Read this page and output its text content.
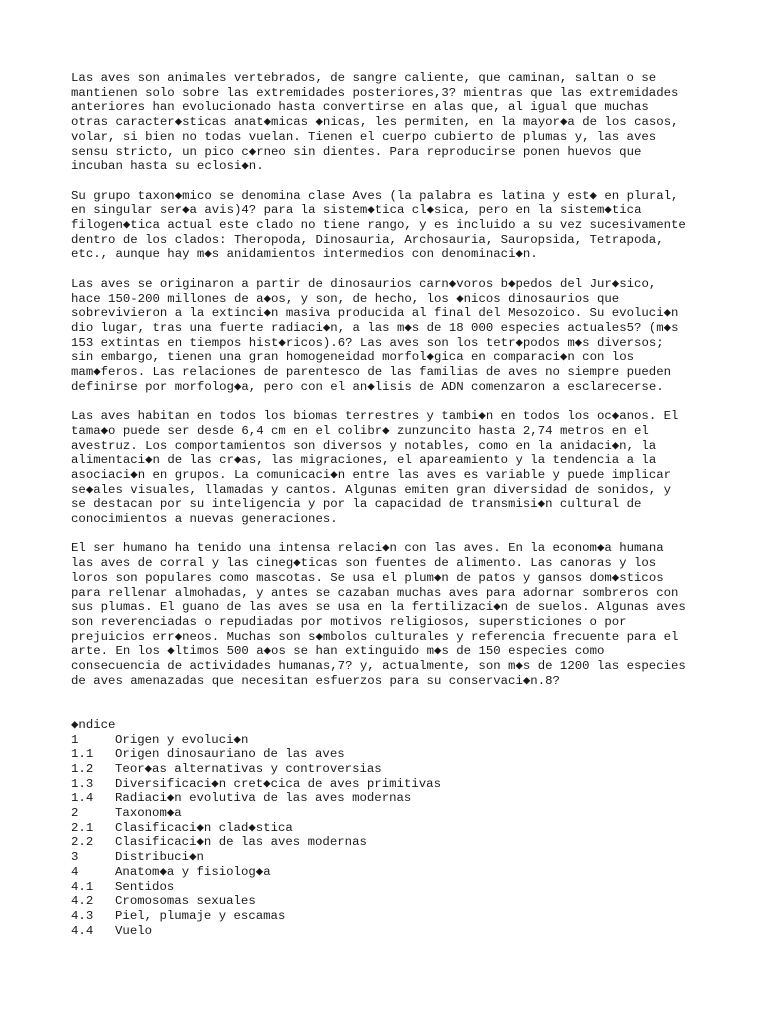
Las aves son animales vertebrados, de sangre caliente, que caminan, saltan o se
mantienen solo sobre las extremidades posteriores,3? mientras que las extremidades
anteriores han evolucionado hasta convertirse en alas que, al igual que muchas
otras caracter◆sticas anat◆micas ◆nicas, les permiten, en la mayor◆a de los casos,
volar, si bien no todas vuelan. Tienen el cuerpo cubierto de plumas y, las aves
sensu stricto, un pico c◆rneo sin dientes. Para reproducirse ponen huevos que
incuban hasta su eclosi◆n.

Su grupo taxon◆mico se denomina clase Aves (la palabra es latina y est◆ en plural,
en singular ser◆a avis)4? para la sistem◆tica cl◆sica, pero en la sistem◆tica
filogen◆tica actual este clado no tiene rango, y es incluido a su vez sucesivamente
dentro de los clados: Theropoda, Dinosauria, Archosauria, Sauropsida, Tetrapoda,
etc., aunque hay m◆s anidamientos intermedios con denominaci◆n.

Las aves se originaron a partir de dinosaurios carn◆voros b◆pedos del Jur◆sico,
hace 150-200 millones de a◆os, y son, de hecho, los ◆nicos dinosaurios que
sobrevivieron a la extinci◆n masiva producida al final del Mesozoico. Su evoluci◆n
dio lugar, tras una fuerte radiaci◆n, a las m◆s de 18 000 especies actuales5? (m◆s
153 extintas en tiempos hist◆ricos).6? Las aves son los tetr◆podos m◆s diversos;
sin embargo, tienen una gran homogeneidad morfol◆gica en comparaci◆n con los
mam◆feros. Las relaciones de parentesco de las familias de aves no siempre pueden
definirse por morfolog◆a, pero con el an◆lisis de ADN comenzaron a esclarecerse.

Las aves habitan en todos los biomas terrestres y tambi◆n en todos los oc◆anos. El
tama◆o puede ser desde 6,4 cm en el colibr◆ zunzuncito hasta 2,74 metros en el
avestruz. Los comportamientos son diversos y notables, como en la anidaci◆n, la
alimentaci◆n de las cr◆as, las migraciones, el apareamiento y la tendencia a la
asociaci◆n en grupos. La comunicaci◆n entre las aves es variable y puede implicar
se◆ales visuales, llamadas y cantos. Algunas emiten gran diversidad de sonidos, y
se destacan por su inteligencia y por la capacidad de transmisi◆n cultural de
conocimientos a nuevas generaciones.

El ser humano ha tenido una intensa relaci◆n con las aves. En la econom◆a humana
las aves de corral y las cineg◆ticas son fuentes de alimento. Las canoras y los
loros son populares como mascotas. Se usa el plum◆n de patos y gansos dom◆sticos
para rellenar almohadas, y antes se cazaban muchas aves para adornar sombreros con
sus plumas. El guano de las aves se usa en la fertilizaci◆n de suelos. Algunas aves
son reverenciadas o repudiadas por motivos religiosos, supersticiones o por
prejuicios err◆neos. Muchas son s◆mbolos culturales y referencia frecuente para el
arte. En los ◆ltimos 500 a◆os se han extinguido m◆s de 150 especies como
consecuencia de actividades humanas,7? y, actualmente, son m◆s de 1200 las especies
de aves amenazadas que necesitan esfuerzos para su conservaci◆n.8?

◆ndice
1	Origen y evoluci◆n
1.1	Origen dinosauriano de las aves
1.2	Teor◆as alternativas y controversias
1.3	Diversificaci◆n cret◆cica de aves primitivas
1.4	Radiaci◆n evolutiva de las aves modernas
2	Taxonom◆a
2.1	Clasificaci◆n clad◆stica
2.2	Clasificaci◆n de las aves modernas
3	Distribuci◆n
4	Anatom◆a y fisiolog◆a
4.1	Sentidos
4.2	Cromosomas sexuales
4.3	Piel, plumaje y escamas
4.4	Vuelo
